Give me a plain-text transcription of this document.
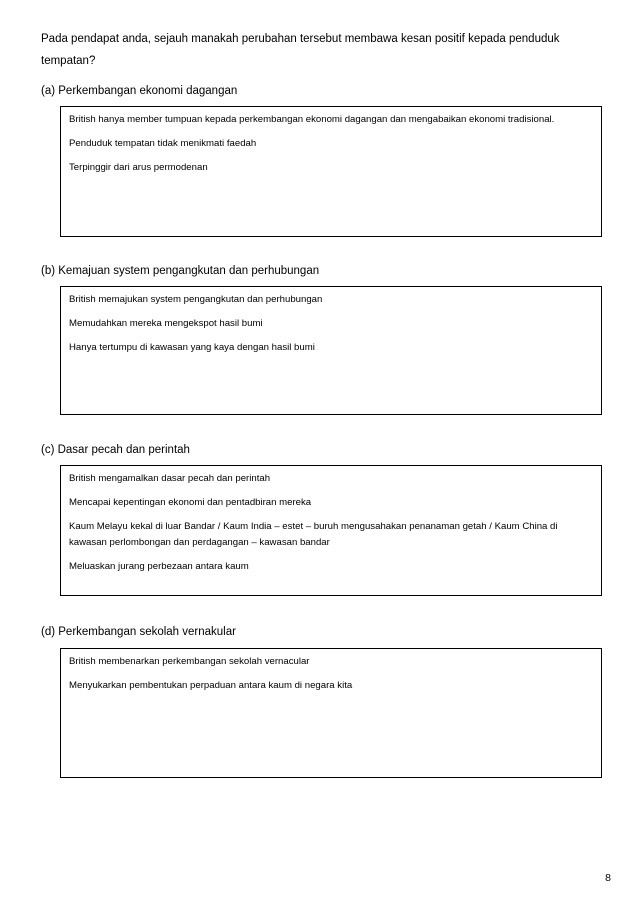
Pada pendapat anda, sejauh manakah perubahan tersebut membawa kesan positif kepada penduduk tempatan?
(a) Perkembangan ekonomi dagangan
British hanya member tumpuan kepada perkembangan ekonomi dagangan dan mengabaikan ekonomi tradisional.
Penduduk tempatan tidak menikmati faedah
Terpinggir dari arus permodenan
(b) Kemajuan system pengangkutan dan perhubungan
British memajukan system pengangkutan dan perhubungan
Memudahkan mereka mengekspot hasil bumi
Hanya tertumpu di kawasan yang kaya dengan hasil bumi
(c) Dasar pecah dan perintah
British mengamalkan dasar pecah dan perintah
Mencapai kepentingan ekonomi dan pentadbiran mereka
Kaum Melayu kekal di luar Bandar / Kaum India – estet – buruh mengusahakan penanaman getah / Kaum China di kawasan perlombongan dan perdagangan – kawasan bandar
Meluaskan jurang perbezaan antara kaum
(d) Perkembangan sekolah vernakular
British membenarkan perkembangan sekolah vernacular
Menyukarkan pembentukan perpaduan antara kaum di negara kita
8
